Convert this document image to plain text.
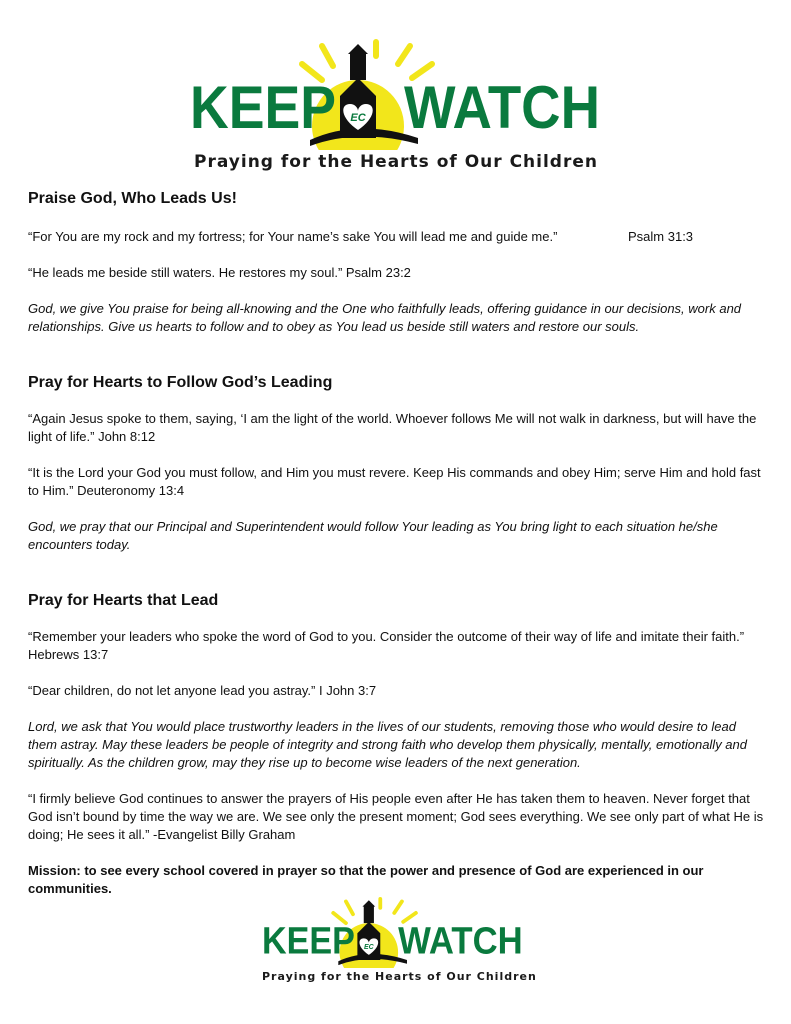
KEEP WATCH
EC
Praying for the Hearts of Our Children
Praise God, Who Leads Us!

“For You are my rock and my fortress; for Your name’s sake You will lead me and guide me.”	Psalm 31:3

“He leads me beside still waters. He restores my soul.” Psalm 23:2

God, we give You praise for being all-knowing and the One who faithfully leads, offering guidance in our decisions, work and relationships. Give us hearts to follow and to obey as You lead us beside still waters and restore our souls.

Pray for Hearts to Follow God’s Leading

“Again Jesus spoke to them, saying, ‘I am the light of the world. Whoever follows Me will not walk in darkness, but will have the light of life.” John 8:12

“It is the Lord your God you must follow, and Him you must revere. Keep His commands and obey Him; serve Him and hold fast to Him.” Deuteronomy 13:4

God, we pray that our Principal and Superintendent would follow Your leading as You bring light to each situation he/she encounters today.

Pray for Hearts that Lead

“Remember your leaders who spoke the word of God to you. Consider the outcome of their way of life and imitate their faith.” Hebrews 13:7

“Dear children, do not let anyone lead you astray.” I John 3:7

Lord, we ask that You would place trustworthy leaders in the lives of our students, removing those who would desire to lead them astray. May these leaders be people of integrity and strong faith who develop them physically, mentally, emotionally and spiritually. As the children grow, may they rise up to become wise leaders of the next generation.

“I firmly believe God continues to answer the prayers of His people even after He has taken them to heaven. Never forget that God isn’t bound by time the way we are. We see only the present moment; God sees everything. We see only part of what He is doing; He sees it all.” -Evangelist Billy Graham

Mission: to see every school covered in prayer so that the power and presence of God are experienced in our communities.

KEEP WATCH
EC
Praying for the Hearts of Our Children
